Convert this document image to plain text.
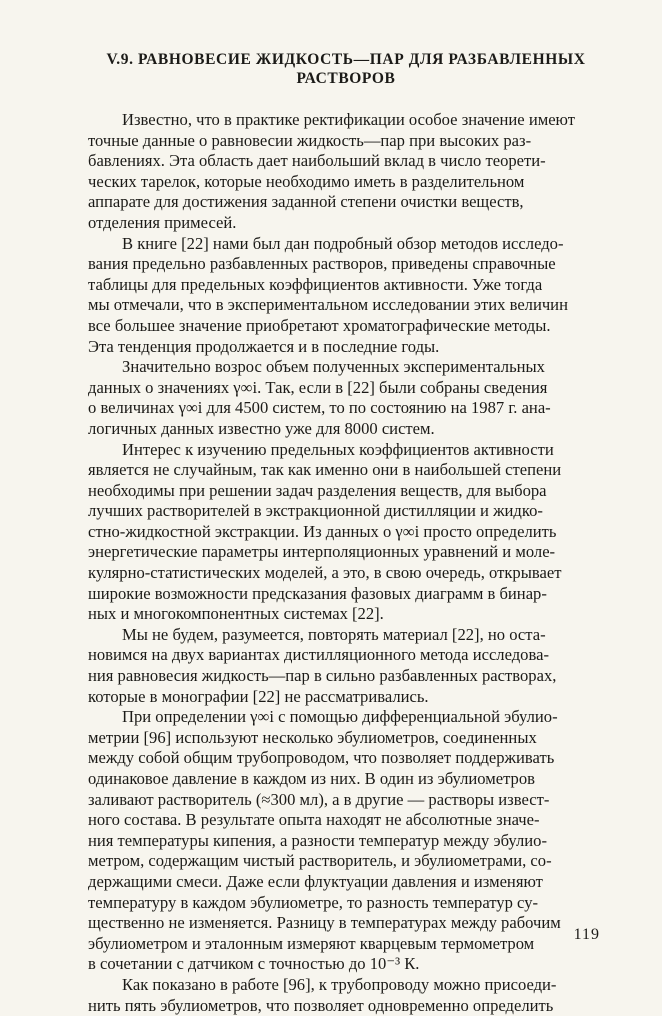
V.9. РАВНОВЕСИЕ ЖИДКОСТЬ—ПАР ДЛЯ РАЗБАВЛЕННЫХ
РАСТВОРОВ
Известно, что в практике ректификации особое значение имеют
точные данные о равновесии жидкость—пар при высоких раз-
бавлениях. Эта область дает наибольший вклад в число теорети-
ческих тарелок, которые необходимо иметь в разделительном
аппарате для достижения заданной степени очистки веществ,
отделения примесей.
В книге [22] нами был дан подробный обзор методов исследо-
вания предельно разбавленных растворов, приведены справочные
таблицы для предельных коэффициентов активности. Уже тогда
мы отмечали, что в экспериментальном исследовании этих величин
все большее значение приобретают хроматографические методы.
Эта тенденция продолжается и в последние годы.
Значительно возрос объем полученных экспериментальных
данных о значениях γ∞i. Так, если в [22] были собраны сведения
о величинах γ∞i для 4500 систем, то по состоянию на 1987 г. ана-
логичных данных известно уже для 8000 систем.
Интерес к изучению предельных коэффициентов активности
является не случайным, так как именно они в наибольшей степени
необходимы при решении задач разделения веществ, для выбора
лучших растворителей в экстракционной дистилляции и жидко-
стно-жидкостной экстракции. Из данных о γ∞i просто определить
энергетические параметры интерполяционных уравнений и моле-
кулярно-статистических моделей, а это, в свою очередь, открывает
широкие возможности предсказания фазовых диаграмм в бинар-
ных и многокомпонентных системах [22].
Мы не будем, разумеется, повторять материал [22], но оста-
новимся на двух вариантах дистилляционного метода исследова-
ния равновесия жидкость—пар в сильно разбавленных растворах,
которые в монографии [22] не рассматривались.
При определении γ∞i с помощью дифференциальной эбулио-
метрии [96] используют несколько эбулиометров, соединенных
между собой общим трубопроводом, что позволяет поддерживать
одинаковое давление в каждом из них. В один из эбулиометров
заливают растворитель (≈300 мл), а в другие — растворы извест-
ного состава. В результате опыта находят не абсолютные значе-
ния температуры кипения, а разности температур между эбулио-
метром, содержащим чистый растворитель, и эбулиометрами, со-
держащими смеси. Даже если флуктуации давления и изменяют
температуру в каждом эбулиометре, то разность температур су-
щественно не изменяется. Разницу в температурах между рабочим
эбулиометром и эталонным измеряют кварцевым термометром
в сочетании с датчиком с точностью до 10⁻³ К.
Как показано в работе [96], к трубопроводу можно присоеди-
нить пять эбулиометров, что позволяет одновременно определить
119
